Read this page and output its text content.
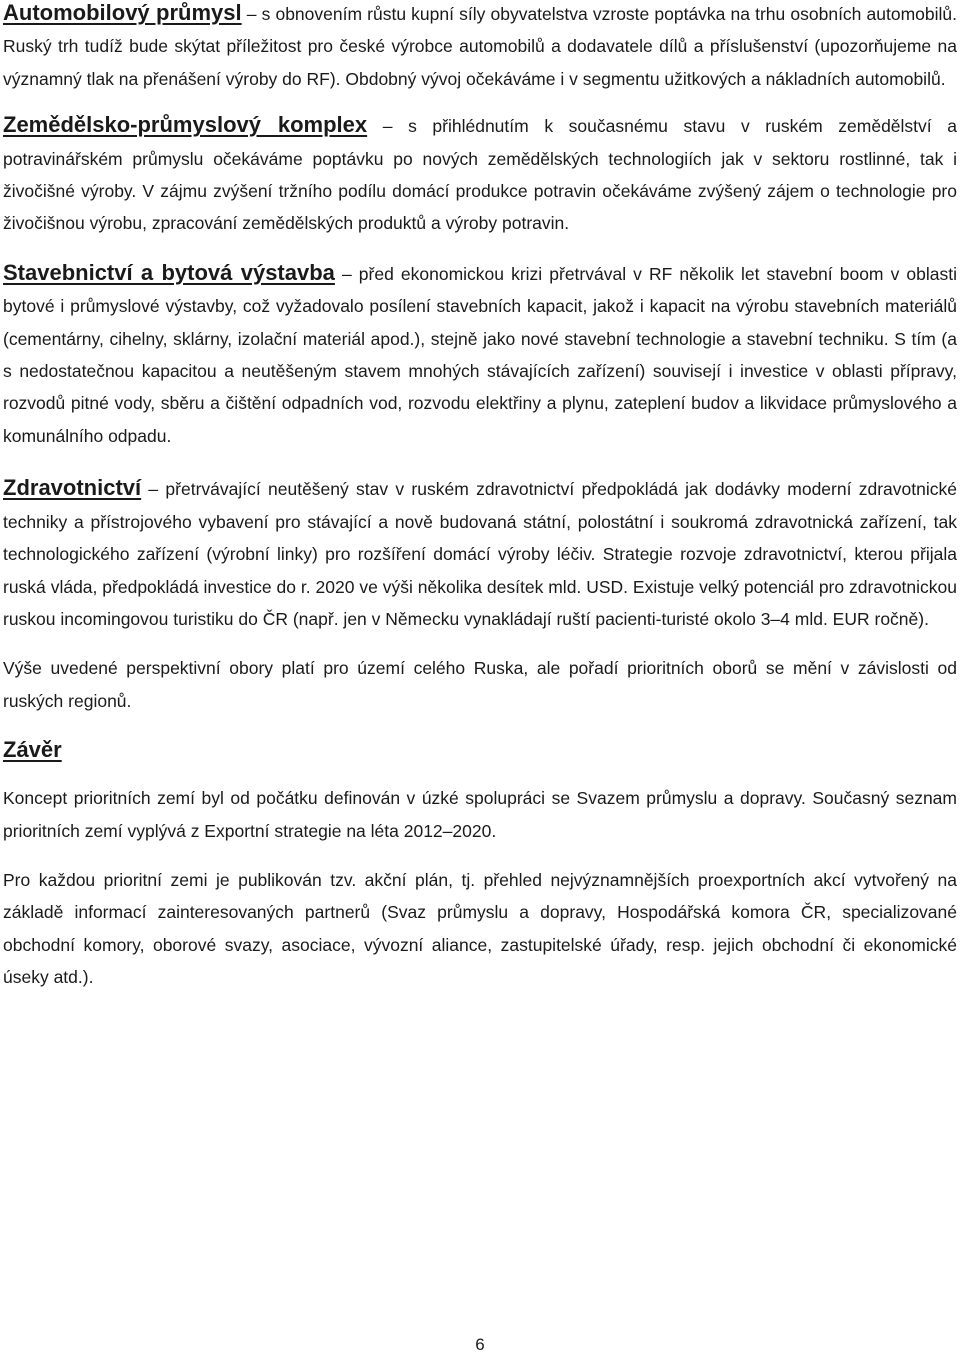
Automobilový průmysl – s obnovením růstu kupní síly obyvatelstva vzroste poptávka na trhu osobních automobilů. Ruský trh tudíž bude skýtat příležitost pro české výrobce automobilů a dodavatele dílů a příslušenství (upozorňujeme na významný tlak na přenášení výroby do RF). Obdobný vývoj očekáváme i v segmentu užitkových a nákladních automobilů.

Zemědělsko-průmyslový komplex – s přihlédnutím k současnému stavu v ruském zemědělství a potravinářském průmyslu očekáváme poptávku po nových zemědělských technologiích jak v sektoru rostlinné, tak i živočišné výroby. V zájmu zvýšení tržního podílu domácí produkce potravin očekáváme zvýšený zájem o technologie pro živočišnou výrobu, zpracování zemědělských produktů a výroby potravin.

Stavebnictví a bytová výstavba – před ekonomickou krizi přetrvával v RF několik let stavební boom v oblasti bytové i průmyslové výstavby, což vyžadovalo posílení stavebních kapacit, jakož i kapacit na výrobu stavebních materiálů (cementárny, cihelny, sklárny, izolační materiál apod.), stejně jako nové stavební technologie a stavební techniku. S tím (a s nedostatečnou kapacitou a neutěšeným stavem mnohých stávajících zařízení) souvisejí i investice v oblasti přípravy, rozvodů pitné vody, sběru a čištění odpadních vod, rozvodu elektřiny a plynu, zateplení budov a likvidace průmyslového a komunálního odpadu.

Zdravotnictví – přetrvávající neutěšený stav v ruském zdravotnictví předpokládá jak dodávky moderní zdravotnické techniky a přístrojového vybavení pro stávající a nově budovaná státní, polostátní i soukromá zdravotnická zařízení, tak technologického zařízení (výrobní linky) pro rozšíření domácí výroby léčiv. Strategie rozvoje zdravotnictví, kterou přijala ruská vláda, předpokládá investice do r. 2020 ve výši několika desítek mld. USD. Existuje velký potenciál pro zdravotnickou ruskou incomingovou turistiku do ČR (např. jen v Německu vynakládají ruští pacienti-turisté okolo 3–4 mld. EUR ročně).

Výše uvedené perspektivní obory platí pro území celého Ruska, ale pořadí prioritních oborů se mění v závislosti od ruských regionů.

Závěr

Koncept prioritních zemí byl od počátku definován v úzké spolupráci se Svazem průmyslu a dopravy. Současný seznam prioritních zemí vyplývá z Exportní strategie na léta 2012–2020.

Pro každou prioritní zemi je publikován tzv. akční plán, tj. přehled nejvýznamnějších proexportních akcí vytvořený na základě informací zainteresovaných partnerů (Svaz průmyslu a dopravy, Hospodářská komora ČR, specializované obchodní komory, oborové svazy, asociace, vývozní aliance, zastupitelské úřady, resp. jejich obchodní či ekonomické úseky atd.).

6
